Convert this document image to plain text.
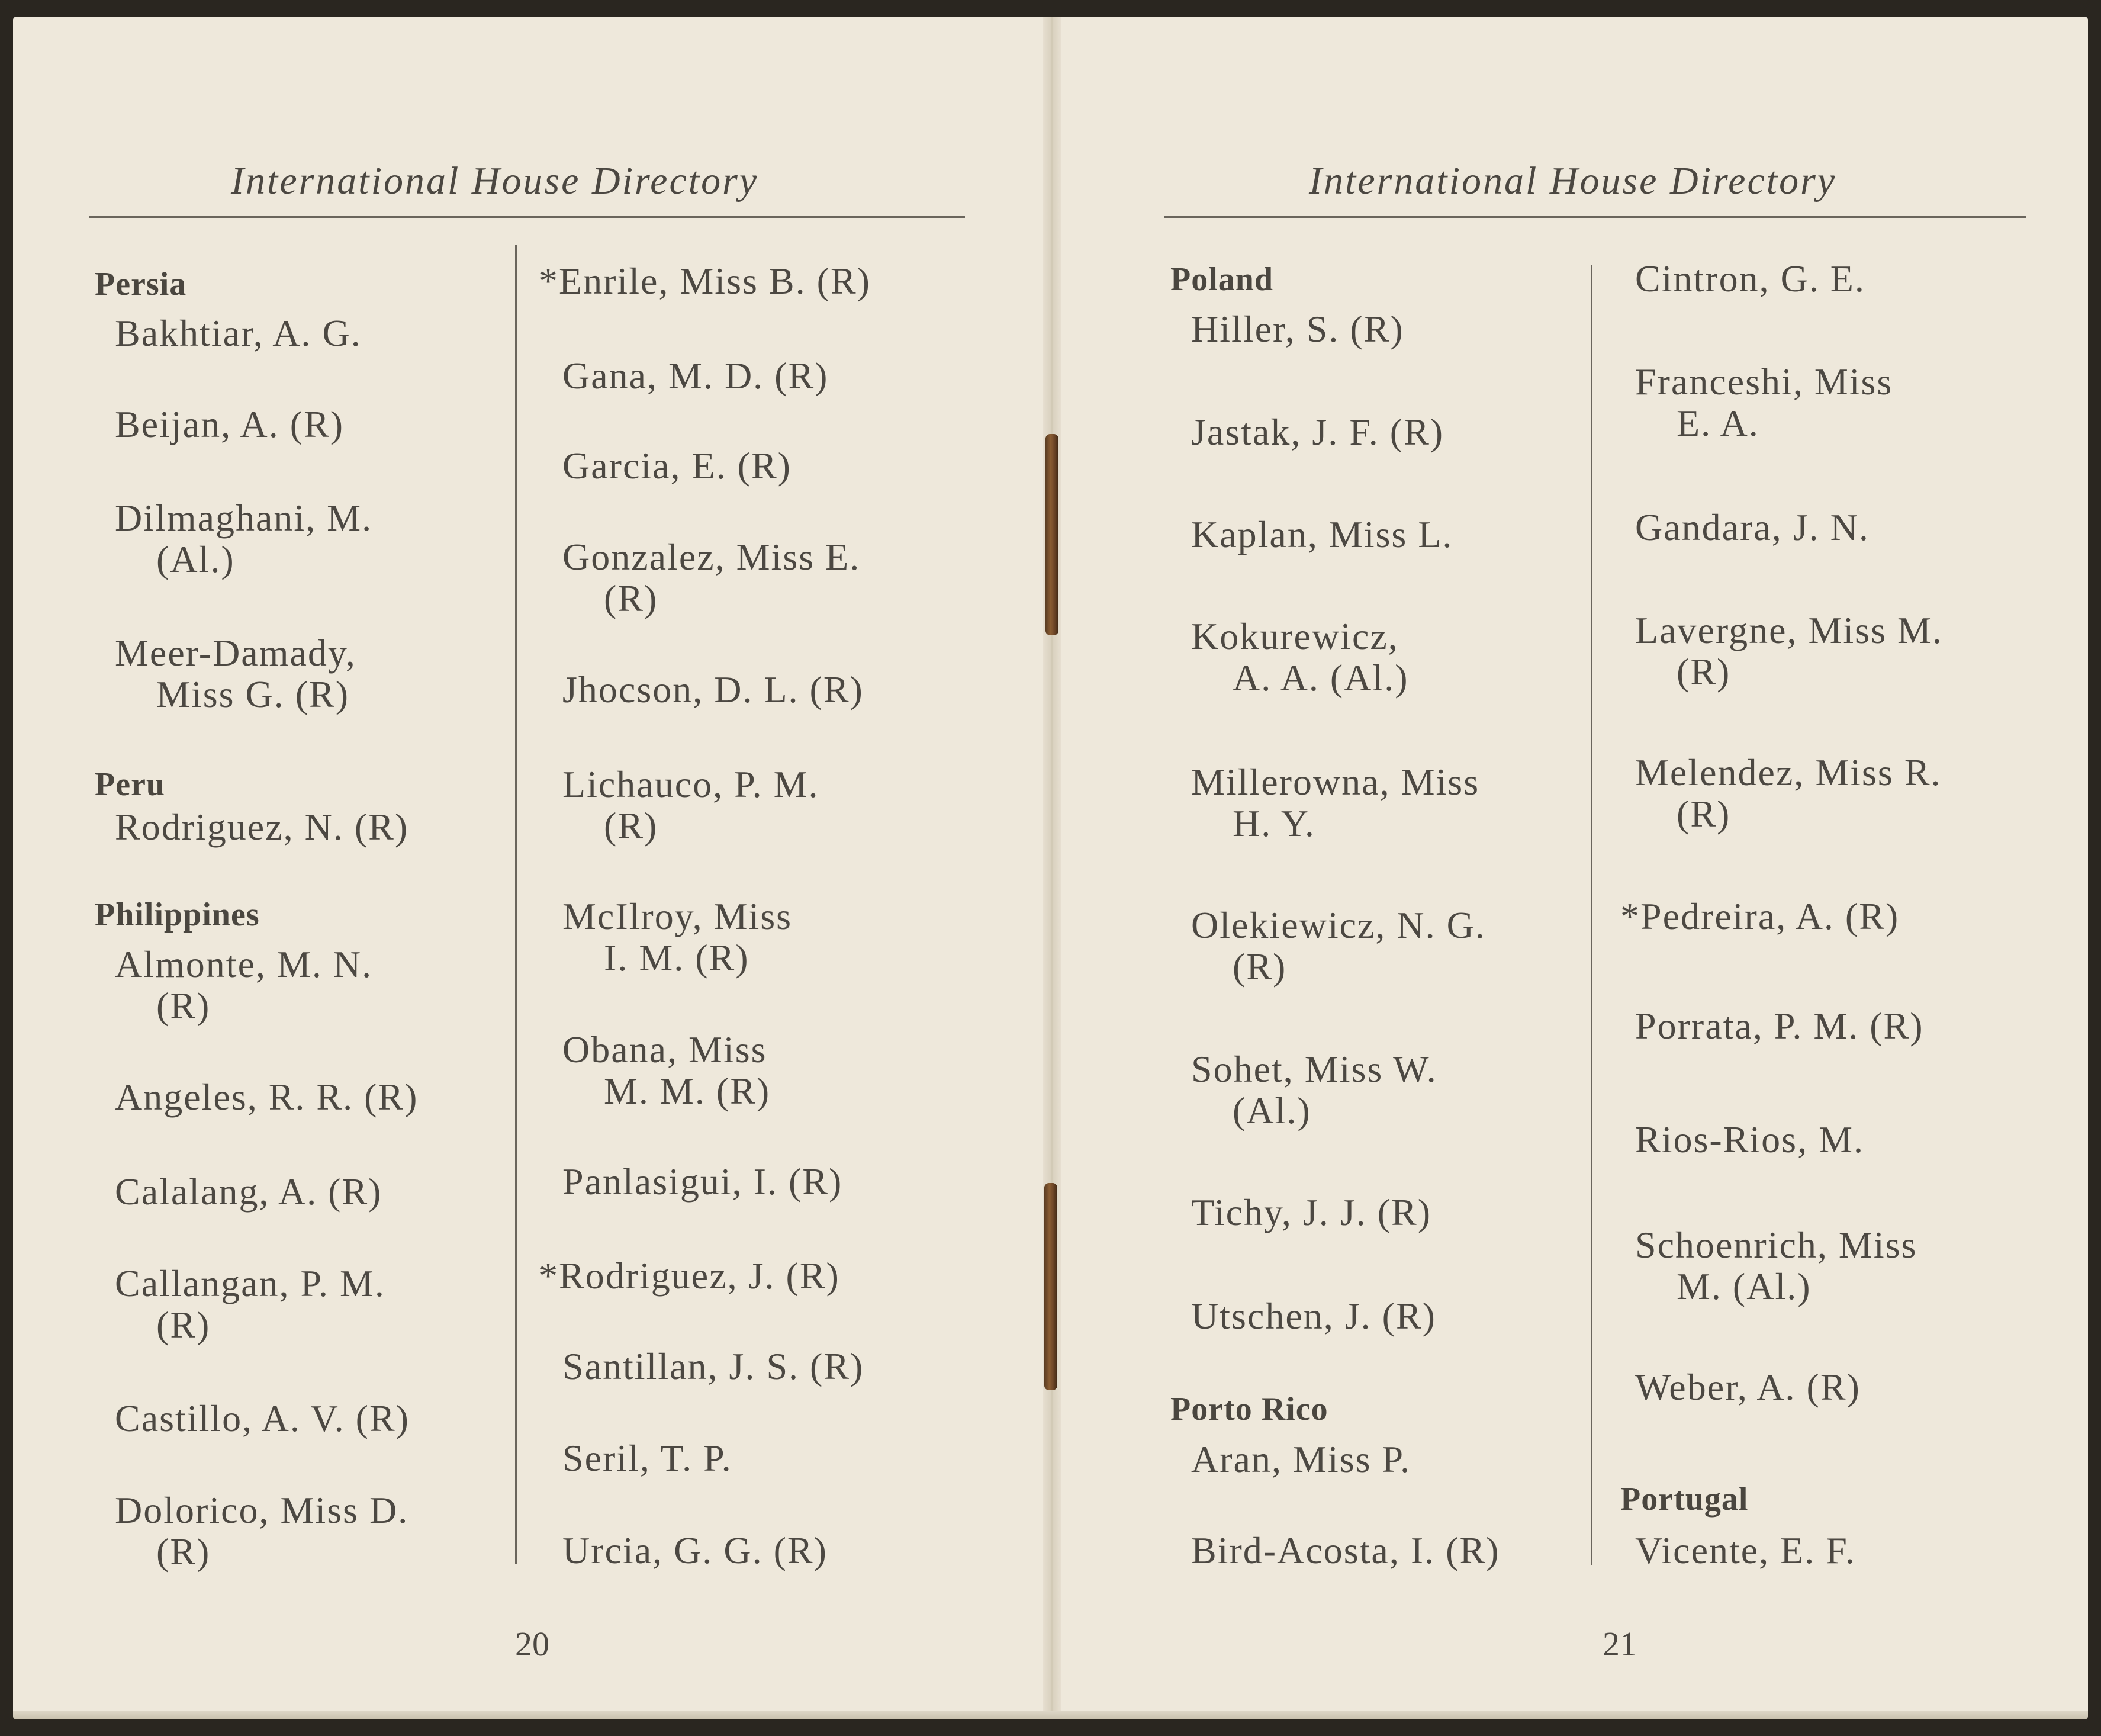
International House Directory
Persia
Bakhtiar, A. G.
Beijan, A. (R)
Dilmaghani, M.
(Al.)
Meer-Damady,
Miss G. (R)
Peru
Rodriguez, N. (R)
Philippines
Almonte, M. N.
(R)
Angeles, R. R. (R)
Calalang, A. (R)
Callangan, P. M.
(R)
Castillo, A. V. (R)
Dolorico, Miss D.
(R)
*Enrile, Miss B. (R)
Gana, M. D. (R)
Garcia, E. (R)
Gonzalez, Miss E.
(R)
Jhocson, D. L. (R)
Lichauco, P. M.
(R)
McIlroy, Miss
I. M. (R)
Obana, Miss
M. M. (R)
Panlasigui, I. (R)
*Rodriguez, J. (R)
Santillan, J. S. (R)
Seril, T. P.
Urcia, G. G. (R)
20
International House Directory
Poland
Hiller, S. (R)
Jastak, J. F. (R)
Kaplan, Miss L.
Kokurewicz,
A. A. (Al.)
Millerowna, Miss
H. Y.
Olekiewicz, N. G.
(R)
Sohet, Miss W.
(Al.)
Tichy, J. J. (R)
Utschen, J. (R)
Porto Rico
Aran, Miss P.
Bird-Acosta, I. (R)
Cintron, G. E.
Franceshi, Miss
E. A.
Gandara, J. N.
Lavergne, Miss M.
(R)
Melendez, Miss R.
(R)
*Pedreira, A. (R)
Porrata, P. M. (R)
Rios-Rios, M.
Schoenrich, Miss
M. (Al.)
Weber, A. (R)
Portugal
Vicente, E. F.
21
